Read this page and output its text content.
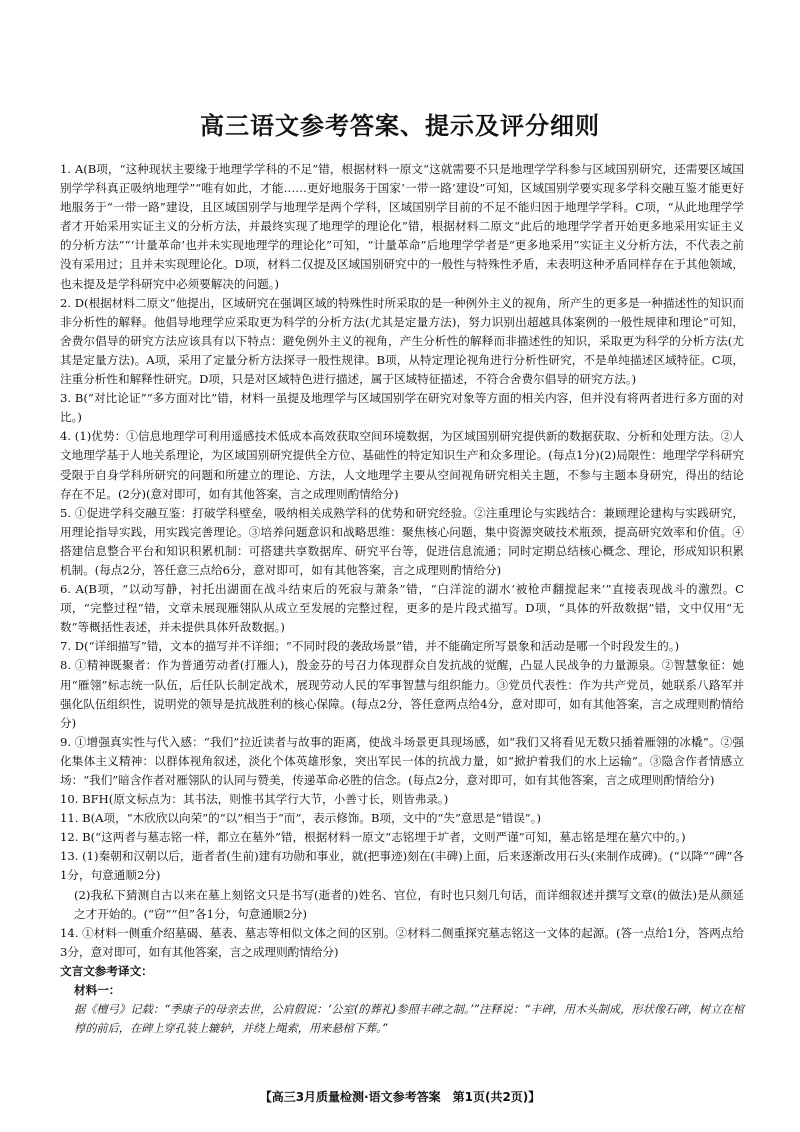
高三语文参考答案、提示及评分细则

1. A(B项，“这种现状主要缘于地理学学科的不足”错，根据材料一原文“这就需要不只是地理学学科参与区域国别研究，还需要区域国别学学科真正吸纳地理学”“唯有如此，才能……更好地服务于国家‘一带一路’建设”可知，区域国别学要实现多学科交融互鉴才能更好地服务于“一带一路”建设，且区域国别学与地理学是两个学科，区域国别学目前的不足不能归因于地理学学科。C项，“从此地理学学者才开始采用实证主义的分析方法，并最终实现了地理学的理论化”错，根据材料二原文“此后的地理学学者开始更多地采用实证主义的分析方法”“‘计量革命’也并未实现地理学的理论化”可知，“计量革命”后地理学学者是“更多地采用”实证主义分析方法，不代表之前没有采用过；且并未实现理论化。D项，材料二仅提及区域国别研究中的一般性与特殊性矛盾，未表明这种矛盾同样存在于其他领域，也未提及是学科研究中必须要解决的问题。)

2. D(根据材料二原文“他提出，区域研究在强调区域的特殊性时所采取的是一种例外主义的视角，所产生的更多是一种描述性的知识而非分析性的解释。他倡导地理学应采取更为科学的分析方法(尤其是定量方法)，努力识别出超越具体案例的一般性规律和理论”可知，舍费尔倡导的研究方法应该具有以下特点：避免例外主义的视角，产生分析性的解释而非描述性的知识，采取更为科学的分析方法(尤其是定量方法)。A项，采用了定量分析方法探寻一般性规律。B项，从特定理论视角进行分析性研究，不是单纯描述区域特征。C项，注重分析性和解释性研究。D项，只是对区域特色进行描述，属于区域特征描述，不符合舍费尔倡导的研究方法。)

3. B(“对比论证”“多方面对比”错，材料一虽提及地理学与区域国别学在研究对象等方面的相关内容，但并没有将两者进行多方面的对比。)

4. (1)优势：①信息地理学可利用遥感技术低成本高效获取空间环境数据，为区域国别研究提供新的数据获取、分析和处理方法。②人文地理学基于人地关系理论，为区域国别研究提供全方位、基础性的特定知识生产和众多理论。(每点1分)(2)局限性：地理学学科研究受限于自身学科所研究的问题和所建立的理论、方法，人文地理学主要从空间视角研究相关主题，不参与主题本身研究，得出的结论存在不足。(2分)(意对即可，如有其他答案，言之成理则酌情给分)

5. ①促进学科交融互鉴：打破学科壁垒，吸纳相关成熟学科的优势和研究经验。②注重理论与实践结合：兼顾理论建构与实践研究，用理论指导实践，用实践完善理论。③培养问题意识和战略思维：聚焦核心问题，集中资源突破技术瓶颈，提高研究效率和价值。④搭建信息整合平台和知识积累机制：可搭建共享数据库、研究平台等，促进信息流通；同时定期总结核心概念、理论，形成知识积累机制。(每点2分，答任意三点给6分，意对即可，如有其他答案，言之成理则酌情给分)

6. A(B项，“以动写静，衬托出湖面在战斗结束后的死寂与萧条”错，“白洋淀的湖水‘被枪声翻搅起来’”直接表现战斗的激烈。C项，“完整过程”错，文章未展现雁翎队从成立至发展的完整过程，更多的是片段式描写。D项，“具体的歼敌数据”错，文中仅用“无数”等概括性表述，并未提供具体歼敌数据。)

7. D(“详细描写”错，文本的描写并不详细；“不同时段的袭敌场景”错，并不能确定所写景象和活动是哪一个时段发生的。)

8. ①精神既聚者：作为普通劳动者(打雁人)，殷金芬的号召力体现群众自发抗战的觉醒，凸显人民战争的力量源泉。②智慧象征：她用“雁翎”标志统一队伍，后任队长制定战术，展现劳动人民的军事智慧与组织能力。③党员代表性：作为共产党员，她联系八路军并强化队伍组织性，说明党的领导是抗战胜利的核心保障。(每点2分，答任意两点给4分，意对即可，如有其他答案，言之成理则酌情给分)

9. ①增强真实性与代入感：“我们”拉近读者与故事的距离，使战斗场景更具现场感，如“我们又将看见无数只插着雁翎的冰橇”。②强化集体主义精神：以群体视角叙述，淡化个体英雄形象，突出军民一体的抗战力量，如“掀护着我们的水上运输”。③隐含作者情感立场：“我们”暗含作者对雁翎队的认同与赞美，传递革命必胜的信念。(每点2分，意对即可，如有其他答案，言之成理则酌情给分)

10. BFH(原文标点为：其书法，则惟书其学行大节，小善寸长，则皆弗录。)

11. B(A项，“木欣欣以向荣”的“以”相当于“而”，表示修饰。B项，文中的“失”意思是“错误”。)

12. B(“这两者与墓志铭一样，都立在墓外”错，根据材料一原文“志铭埋于圹者，文则严谨”可知，墓志铭是埋在墓穴中的。)

13. (1)秦朝和汉朝以后，逝者者(生前)建有功勋和事业，就(把事迹)刻在(丰碑)上面，后来逐渐改用石头(来制作成碑)。(“以降”“碑”各1分，句意通顺2分)

(2)我私下猜测自古以来在墓上刻铭文只是书写(逝者的)姓名、官位，有时也只刻几句话，而详细叙述并撰写文章(的做法)是从颜延之才开始的。(“窃”“但”各1分，句意通顺2分)

14. ①材料一侧重介绍墓碣、墓表、墓志等相似文体之间的区别。②材料二侧重探究墓志铭这一文体的起源。(答一点给1分，答两点给3分，意对即可，如有其他答案，言之成理则酌情给分)

文言文参考译文：

材料一：

据《檀弓》记载：“季康子的母亲去世，公肩假说：‘公室(的葬礼)参照丰碑之制。’”注释说：“丰碑，用木头制成，形状像石碑，树立在棺椁的前后，在碑上穿孔装上辘轳，并绕上绳索，用来悬棺下葬。”

【高三3月质量检测·语文参考答案　第1页(共2页)】
